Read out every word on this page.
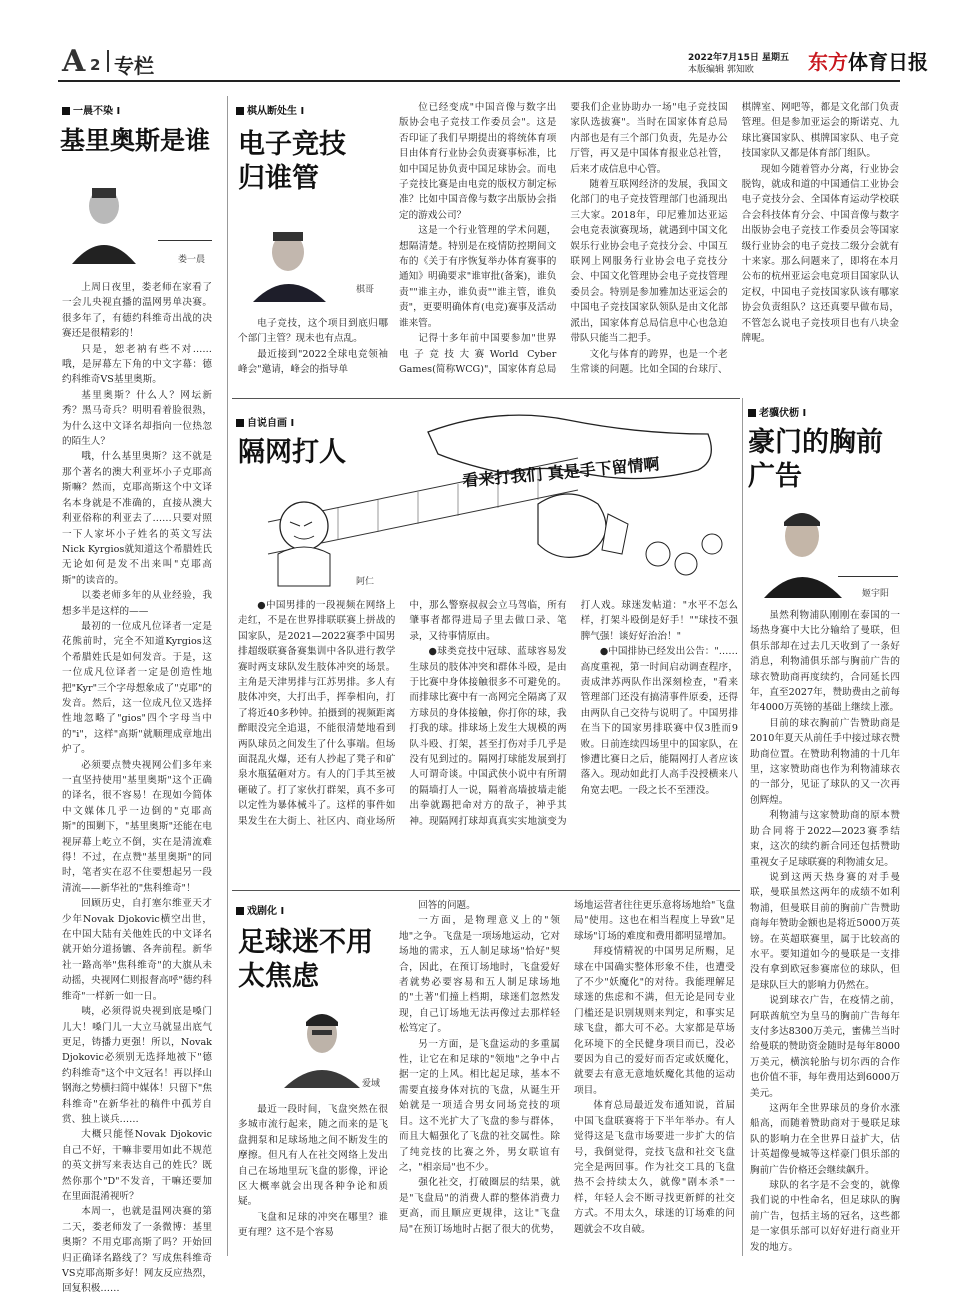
A 2 专栏	2022年7月15日 星期五
本版编辑 郭知欧	东方体育日报
一晨不染 I
基里奥斯是谁
娄一晨

上周日夜里，娄老师在家看了一会儿央视直播的温网男单决赛。很多年了，有德约科维奇出战的决赛还是很精彩的！

只是，恕老衲有些不对……哦，是屏幕左下角的中文字幕：德约科维奇VS基里奥斯。

基里奥斯？什么人？网坛新秀？黑马奇兵？明明看着脸很熟，为什么这中文译名却指向一位热忽的陌生人？

哦，什么基里奥斯？这不就是那个著名的澳大利亚坏小子克耶高斯嘛？然而，克耶高斯这个中文译名本身就是不准确的，直接从澳大利亚俗称的利亚去了……只要对照一下人家坏小子姓名的英文写法Nick Kyrgios就知道这个希腊姓氏无论如何是发不出来叫"克耶高斯"的读音的。

以娄老师多年的从业经验，我想多半是这样的——

最初的一位成凡位译者一定是花熊前时，完全不知道Kyrgios这个希腊姓氏是如何发音。于是，这一位成凡位译者一定是创造性地把"Kyr"三个字母想象成了"克耶"的发音。然后，这一位成凡位又选择性地忽略了"gios"四个字母当中的"i"，这样"高斯"就顺理成章地出炉了。

必须要点赞央视网公们多年来一直坚持使用"基里奥斯"这个正确的译名，很不容易！在现如今简体中文媒体几乎一边倒的"克耶高斯"的围剿下，"基里奥斯"还能在电视屏幕上屹立不倒，实在是清流难得！不过，在点赞"基里奥斯"的同时，笔者实在忍不住要想起另一段清流——新华社的"焦科维奇"！

回顾历史，自打塞尔维亚天才少年Novak Djokovic横空出世，在中国大陆有关他姓氏的中文译名就开始分道扬镳、各奔前程。新华社一路高举"焦科维奇"的大旗从未动摇，央视网仁则报督高呼"德约科维奇"一样新一如一日。

咦，必须得说央视到底是嗓门儿大！嗓门儿一大立马就显出底气更足，铸播力更强！所以，Novak Djokovic必须别无选择地被下"德约科维奇"这个中文冠名！再以择山钢海之势横扫简中媒体！只留下"焦科维奇"在新华社的稿件中孤芳自赏、独上谈兵……

大概只能怪Novak Djokovic自己不好，干嘛非要用如此不规范的英文拼写来表达自己的姓氏？既然你那个"D"不发音，干嘛还要加在里面混淆视听？

本周一，也就是温网决赛的第二天，娄老师发了一条微博：基里奥斯？不用克耶高斯了吗？开始回归正确译名路线了？写成焦科维奇VS克耶高斯多好！网友反应热烈，回复积极……

棋从断处生 I
电子竞技归谁管
棋哥

电子竞技，这个项目到底归哪个部门主管？现未也有点乱。

最近接到"2022全球电竞领袖峰会"邀请，峰会的指导单

位已经变成"中国音像与数字出版协会电子竞技工作委员会"。这是否印证了我们早期提出的将统体育项目由体育行业协会负责赛事标准，比如中国足协负责中国足球协会。而电子竞技比赛是由电竞的版权方制定标准？比如中国音像与数字出版协会指定的游戏公司？

这是一个行业管理的学术问题，想隔清楚。特别是在疫情防控期间文布的《关于有序恢复举办体育赛事的通知》明确要求"谁审批(备案)，谁负责""谁主办，谁负责""谁主管，谁负责"，更要明确体育(电竞)赛事及活动谁来管。

记得十多年前中国要参加"世界电子竞技大赛World Cyber Games(简称WCG)"，国家体育总局要我们企业协助办一场"电子竞技国家队选拔赛"。当时在国家体育总局内部也是有三个部门负责，先是办公厅管，再又是中国体育报业总社管，后来才成信息中心管。

随着互联网经济的发展，我国文化部门的电子竞技管理部门也涌现出三大家。2018年，印尼雅加达亚运会电竞表演赛现场，就遇到中国文化娱乐行业协会电子竞技分会、中国互联网上网服务行业协会电子竞技分会、中国文化管理协会电子竞技管理委员会。特别是参加雅加达亚运会的中国电子竞技国家队领队是由文化部派出，国家体育总局信息中心也急迫带队只能当二把手。

文化与体育的跨界，也是一个老生常谈的问题。比如全国的台球厅、棋牌室、网吧等，都是文化部门负责管理。但是参加亚运会的斯诺克、九球比赛国家队、棋牌国家队、电子竞技国家队又都是体育部门组队。

现如今随着管办分离，行业协会脱钩，就成和道的中国通信工业协会电子竞技分会、全国体育运动学校联合会科技体育分会、中国音像与数字出版协会电子竞技工作委员会等国家级行业协会的电子竞技二级分会就有十来家。那么问题来了，即将在本月公布的杭州亚运会电竞项目国家队认定权，中国电子竞技国家队该有哪家协会负责组队？这还真要早做布局，不管怎么说电子竞技项目也有八块金牌呢。

自说自画 I
隔网打人
看来打我们 真是手下留情啊
阿仁

●中国男排的一段视频在网络上走红，不是在世界排联联赛上拼战的国家队，是2021—2022赛季中国男排超级联赛备赛集训中各队进行教学赛时两支球队发生肢体冲突的场景。主角是天津男排与江苏男排。多人有肢体冲突，大打出手，挥拳相向，打了将近40多秒钟。拍摄到的视频距离醉眼没完全追退，不能很清楚地看到两队球员之间发生了什么事端。但场面混乱火爆，还有人抄起了凳子和矿泉水瓶猛砸对方。有人的门手其至被砸破了。打了家伙打群架，真不多可以定性为暴体械斗了。这样的事件如果发生在大街上、社区内、商业场所中，那么警察叔叔会立马驾临，所有肇事者都得进局子里去做口录、笔录，又待事情原由。

●球类竞技中冠球、蓝球容易发生球员的肢体冲突和群体斗殴，是由于比赛中身体接触很多不可避免的。而排球比赛中有一高网完全隔离了双方球员的身体接触，你打你的球，我打我的球。排球场上发生大规模的两队斗殴、打架，甚至打伤对手几乎是没有见到过的。隔网打球能发展到打人可谓奇谈。中国武侠小说中有所谓的隔墙打人一说，隔着高墙披墙走能出拳就踢把命对方的敌子，神乎其神。现隔网打球却真真实实地演变为打人戏。球迷发帖道："水平不怎么样，打架斗殴倒是好手！""球技不强脾气强！谈好好治治！"

●中国排协已经发出公告："……高度重视，第一时间启动调查程序，责成津苏两队作出深刻检查，"看来管理部门还没有搞清事件原委，还得由两队自己交待与说明了。中国男排在当下的国家男排联赛中仅3胜而9败。日前连续四场里中的国家队，在惨遭比赛日之后，能隔网打人者应该落入。现动如此打人高手没授横来八角宽去吧。一段之长不至湮没。

老骥伏枥 I
豪门的胸前广告
姬宇阳

虽然利物浦队刚刚在泰国的一场热身赛中大比分输给了曼联，但俱乐部却在过去几天收到了一条好消息，利物浦俱乐部与胸前广告的球衣赞助商再度续约，合同延长四年，直至2027年，赞助费由之前每年4000万英镑的基础上继续上涨。

目前的球衣胸前广告赞助商是2010年夏天从前任手中接过球衣赞助商位置。在赞助利物浦的十几年里，这家赞助商也作为利物浦球衣的一部分，见证了球队的又一次再创辉煌。

利物浦与这家赞助商的原本赞助合同将于2022—2023赛季结束，这次的续约新合同还包括赞助重视女子足球联赛的利物浦女足。

说到这两天热身赛的对手曼联，曼联虽然这两年的成绩不如利物浦，但曼联目前的胸前广告赞助商每年赞助金额也是将近5000万英镑。在英超联赛里，属于比较高的水平。要知道如今的曼联是一支排没有拿到欧冠参赛席位的球队，但是球队巨大的影响力仍然在。

说到球衣广告，在疫情之前，阿联酋航空为皇马的胸前广告每年支付多达8300万美元，蜜佛兰当时给曼联的赞助资金随时是每年8000万美元，横滨轮胎与切尔西的合作也价值不菲，每年费用达到6000万美元。

这两年全世界球员的身价水涨船高，而随着赞助商对于曼联足球队的影响力在全世界日益扩大，估计英超像曼城等这样豪门俱乐部的胸前广告价格还会继续飙升。

球队的名字是不会变的，就像我们说的中性命名，但足球队的胸前广告，包括主场的冠名，这些都是一家俱乐部可以好好进行商业开发的地方。

戏剧化 I
足球迷不用太焦虑
爱域

最近一段时间，飞盘突然在很多城市流行起来，随之而来的是飞盘拥泵和足球场地之间不断发生的摩擦。但凡有人在社交网络上发出自己在场地里玩飞盘的影像，评论区大概率就会出现各种争论和质疑。

飞盘和足球的冲突在哪里？谁更有理？这不是个容易

回答的问题。

一方面，是物理意义上的"领地"之争。飞盘是一项场地运动，它对场地的需求，五人制足球场"恰好"契合，因此，在预订场地时，飞盘爱好者就势必要容易和五人制足球场地的"土著"们撞上档期，球迷们忽然发现，自己订场地无法再像过去那样轻松笃定了。

另一方面，是飞盘运动的多重属性，让它在和足球的"领地"之争中占据一定的上风。相比起足球，基本不需要直接身体对抗的飞盘，从诞生开始就是一项适合男女同场竞技的项目。这不光扩大了飞盘的参与群体，而且大幅强化了飞盘的社交属性。除了纯竞技的比赛之外，男女联谊有之，"相亲局"也不少。

强化社交，打破圈层的结果，就是"飞盘局"的消费人群的整体消费力更高，而且顺应更规律，这让"飞盘局"在预订场地时占据了很大的优势，场地运营者往往更乐意将场地给"飞盘局"使用。这也在相当程度上导致"足球场"订场的难度和费用都明显增加。

拜疫情精祝的中国男足所赐，足球在中国确实整体形象不佳，也遭受了不少"妖魔化"的对待。我能理解足球迷的焦虑和不满，但无论是同专业门槛还是识别规则来判定，和事实足球飞盘，都大可不必。大家都是草场化环境下的全民健身项目而已，没必要因为自己的爱好而否定或妖魔化，就要去有意无意地妖魔化其他的运动项目。

体育总局最近发布通知说，首届中国飞盘联赛将于下半年举办。有人觉得这是飞盘市场要进一步扩大的信号，我倒觉得，竞技飞盘和社交飞盘完全是两回事。作为社交工具的飞盘热不会持续太久，就像"剧本杀"一样，年轻人会不断寻找更新鲜的社交方式。不用太久，球迷的订场难的问题就会不攻自破。
